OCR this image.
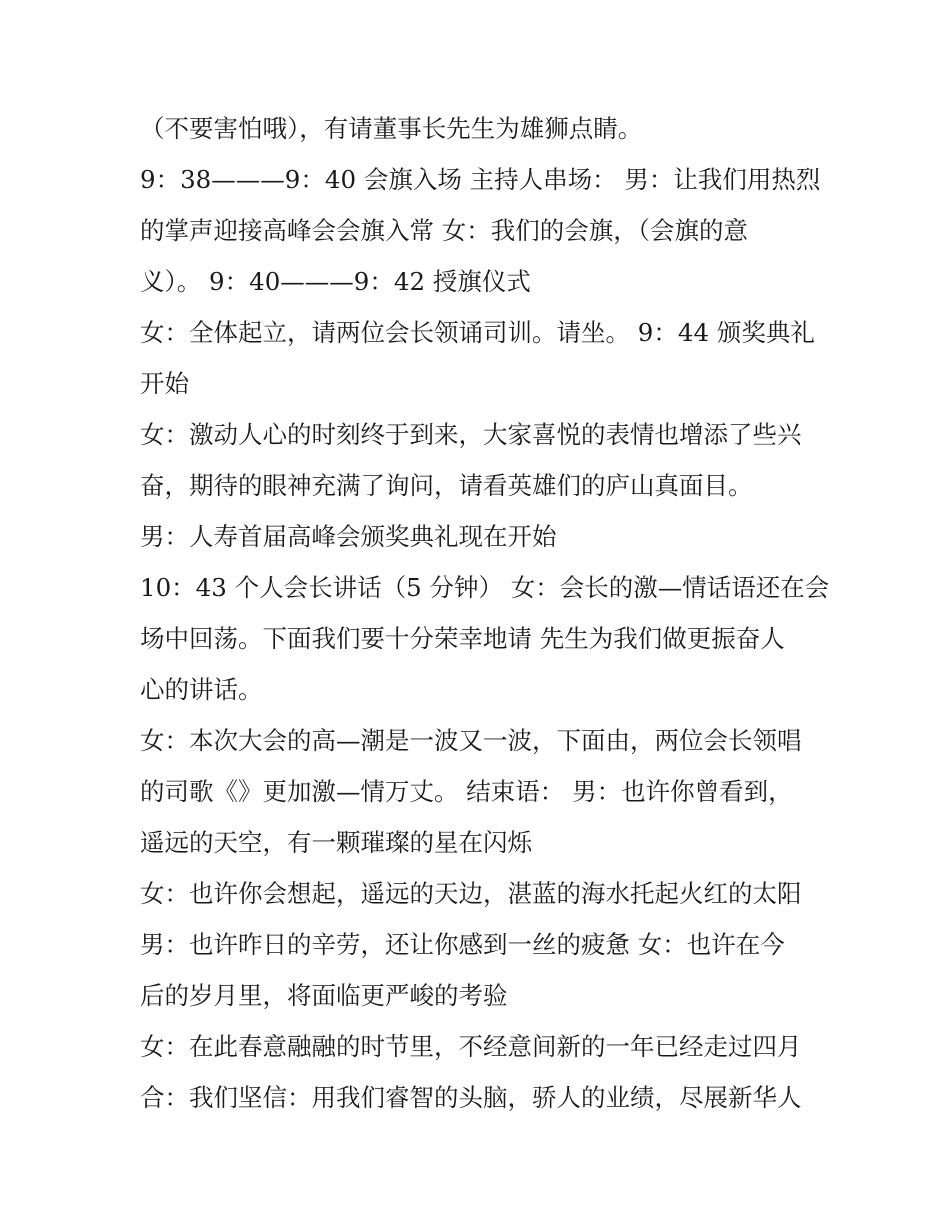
（不要害怕哦），有请董事长先生为雄狮点睛。
9：38———9：40 会旗入场 主持人串场： 男：让我们用热烈
的掌声迎接高峰会会旗入常 女：我们的会旗，（会旗的意
义）。 9：40———9：42 授旗仪式
女：全体起立，请两位会长领诵司训。请坐。 9：44 颁奖典礼
开始
女：激动人心的时刻终于到来，大家喜悦的表情也增添了些兴
奋，期待的眼神充满了询问，请看英雄们的庐山真面目。
男：人寿首届高峰会颁奖典礼现在开始
10：43 个人会长讲话（5 分钟） 女：会长的激—情话语还在会
场中回荡。下面我们要十分荣幸地请 先生为我们做更振奋人
心的讲话。
女：本次大会的高—潮是一波又一波，下面由，两位会长领唱
的司歌《》更加激—情万丈。 结束语： 男：也许你曾看到，
遥远的天空，有一颗璀璨的星在闪烁
女：也许你会想起，遥远的天边，湛蓝的海水托起火红的太阳
男：也许昨日的辛劳，还让你感到一丝的疲惫 女：也许在今
后的岁月里，将面临更严峻的考验
女：在此春意融融的时节里，不经意间新的一年已经走过四月
合：我们坚信：用我们睿智的头脑，骄人的业绩，尽展新华人
